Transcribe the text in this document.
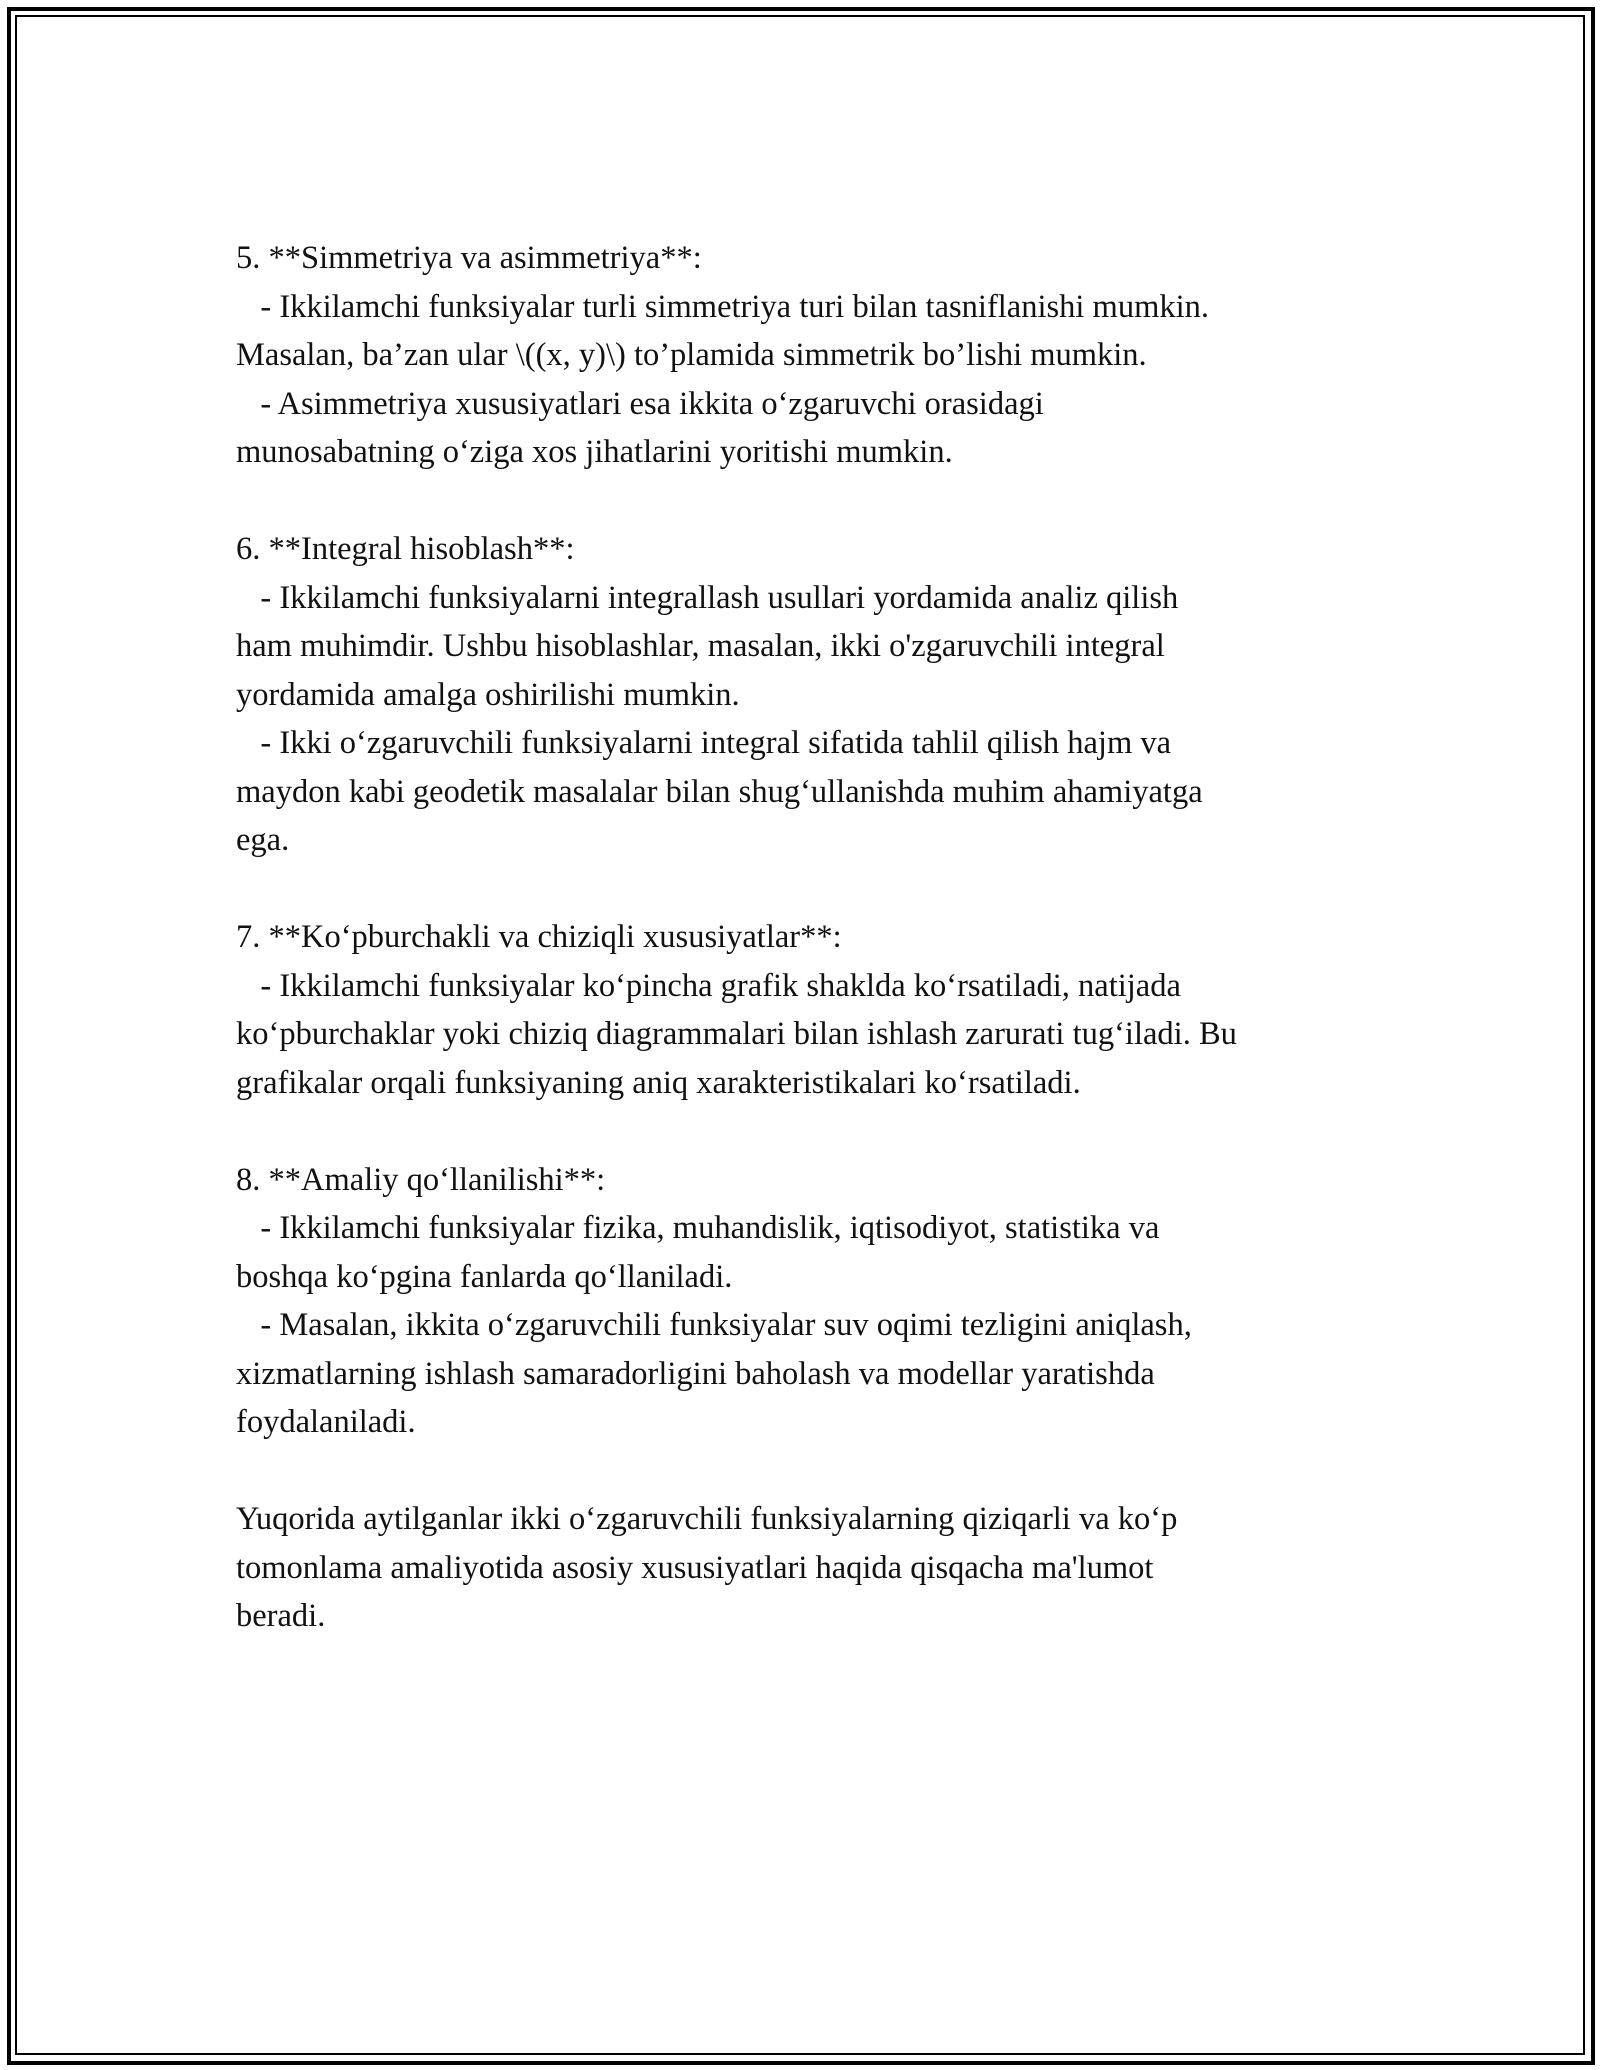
5. **Simmetriya va asimmetriya**:
- Ikkilamchi funksiyalar turli simmetriya turi bilan tasniflanishi mumkin.
Masalan, ba’zan ular \((x, y)\) to’plamida simmetrik bo’lishi mumkin.
- Asimmetriya xususiyatlari esa ikkita o‘zgaruvchi orasidagi
munosabatning o‘ziga xos jihatlarini yoritishi mumkin.
6. **Integral hisoblash**:
- Ikkilamchi funksiyalarni integrallash usullari yordamida analiz qilish
ham muhimdir. Ushbu hisoblashlar, masalan, ikki o'zgaruvchili integral
yordamida amalga oshirilishi mumkin.
- Ikki o‘zgaruvchili funksiyalarni integral sifatida tahlil qilish hajm va
maydon kabi geodetik masalalar bilan shug‘ullanishda muhim ahamiyatga
ega.
7. **Ko‘pburchakli va chiziqli xususiyatlar**:
- Ikkilamchi funksiyalar ko‘pincha grafik shaklda ko‘rsatiladi, natijada
ko‘pburchaklar yoki chiziq diagrammalari bilan ishlash zarurati tug‘iladi. Bu
grafikalar orqali funksiyaning aniq xarakteristikalari ko‘rsatiladi.
8. **Amaliy qo‘llanilishi**:
- Ikkilamchi funksiyalar fizika, muhandislik, iqtisodiyot, statistika va
boshqa ko‘pgina fanlarda qo‘llaniladi.
- Masalan, ikkita o‘zgaruvchili funksiyalar suv oqimi tezligini aniqlash,
xizmatlarning ishlash samaradorligini baholash va modellar yaratishda
foydalaniladi.
Yuqorida aytilganlar ikki o‘zgaruvchili funksiyalarning qiziqarli va ko‘p
tomonlama amaliyotida asosiy xususiyatlari haqida qisqacha ma'lumot
beradi.
